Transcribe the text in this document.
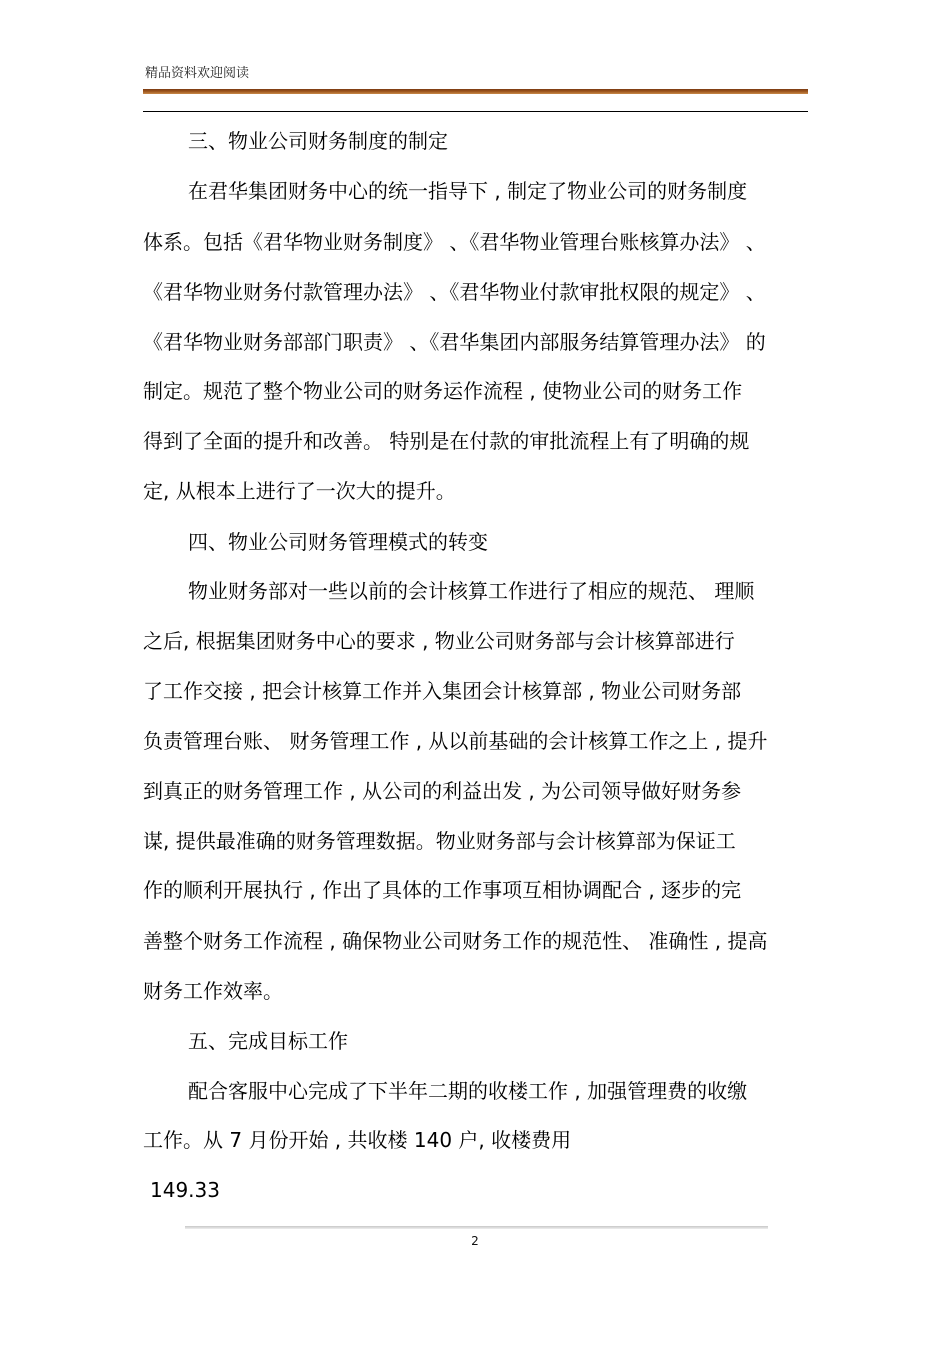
精品资料欢迎阅读
三、物业公司财务制度的制定
在君华集团财务中心的统一指导下 , 制定了物业公司的财务制度
体系。包括《君华物业财务制度》 、《君华物业管理台账核算办法》 、
《君华物业财务付款管理办法》 、《君华物业付款审批权限的规定》 、
《君华物业财务部部门职责》 、《君华集团内部服务结算管理办法》 的
制定。规范了整个物业公司的财务运作流程 , 使物业公司的财务工作
得到了全面的提升和改善。 特别是在付款的审批流程上有了明确的规
定, 从根本上进行了一次大的提升。
四、物业公司财务管理模式的转变
物业财务部对一些以前的会计核算工作进行了相应的规范、 理顺
之后, 根据集团财务中心的要求 , 物业公司财务部与会计核算部进行
了工作交接 , 把会计核算工作并入集团会计核算部 , 物业公司财务部
负责管理台账、 财务管理工作 , 从以前基础的会计核算工作之上 , 提升
到真正的财务管理工作 , 从公司的利益出发 , 为公司领导做好财务参
谋, 提供最准确的财务管理数据。物业财务部与会计核算部为保证工
作的顺利开展执行 , 作出了具体的工作事项互相协调配合 , 逐步的完
善整个财务工作流程 , 确保物业公司财务工作的规范性、 准确性 , 提高
财务工作效率。
五、完成目标工作
配合客服中心完成了下半年二期的收楼工作 , 加强管理费的收缴
工作。从 7 月份开始 , 共收楼 140 户, 收楼费用
149.33
2
